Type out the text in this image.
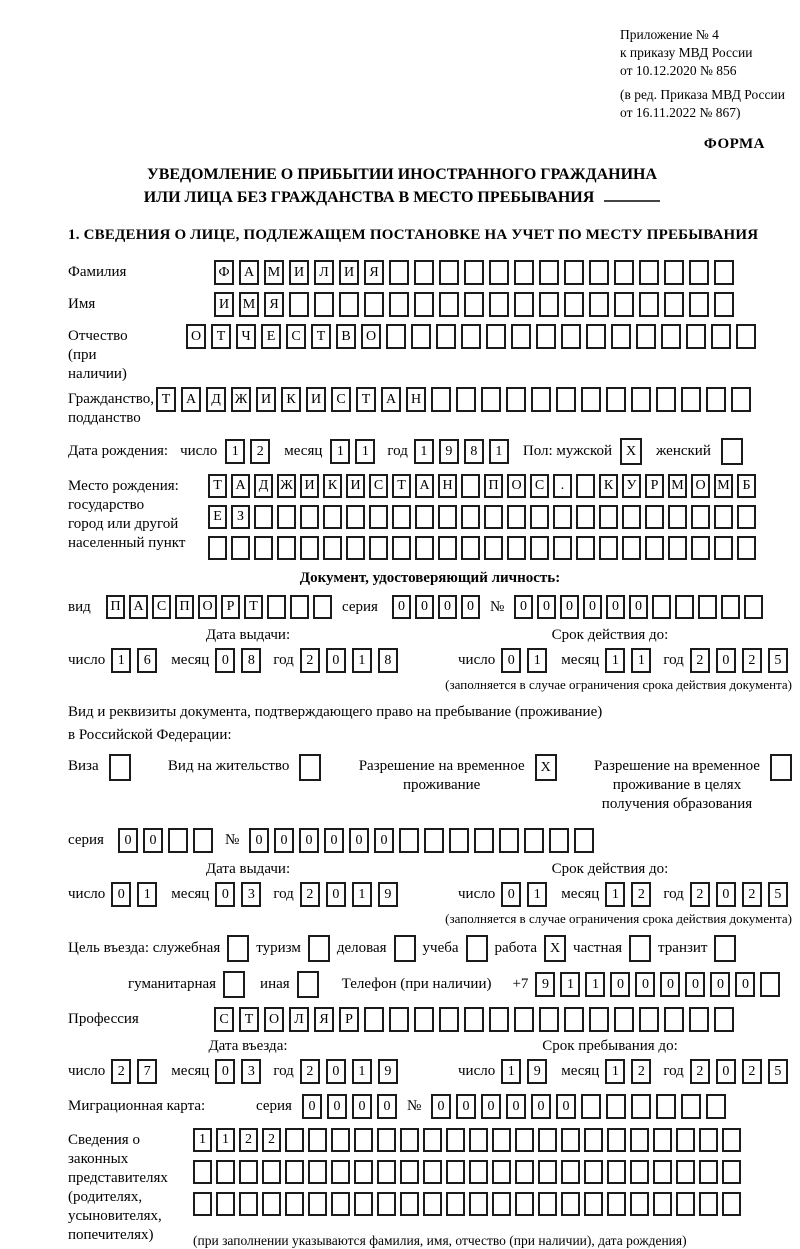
Приложение № 4
к приказу МВД России
от 10.12.2020 № 856
(в ред. Приказа МВД России
от 16.11.2022 № 867)
ФОРМА
УВЕДОМЛЕНИЕ О ПРИБЫТИИ ИНОСТРАННОГО ГРАЖДАНИНА
ИЛИ ЛИЦА БЕЗ ГРАЖДАНСТВА В МЕСТО ПРЕБЫВАНИЯ
1. СВЕДЕНИЯ О ЛИЦЕ, ПОДЛЕЖАЩЕМ ПОСТАНОВКЕ НА УЧЕТ ПО МЕСТУ ПРЕБЫВАНИЯ
Фамилия	Ф	А М И	Л	И	Я
Имя	И М	Я
Отчество
(при наличии)
О	Т	Ч	Е	С	Т	В	О
Гражданство,
подданство
Т	А	Д Ж И	К	И	С	Т	А	Н
Дата рождения: число	1	2	месяц	1	1	год 1	9	8	1	Пол: мужской X	женский
Место рождения:
государство
город или другой
населенный пункт
Т А Д Ж И К И С	Т А Н	П О С	.	К У	Р М О М Б
Е	З
Документ, удостоверяющий личность:
вид	П А С П О	Р	Т	серия	0	0	0	0	№	0	0	0	0	0	0
Дата выдачи:
число 1	6	месяц 0	8	год 2	0	1	8
Срок действия до:
число 0	1	месяц 1	1	год 2	0	2	5
(заполняется в случае ограничения срока действия документа)
Вид и реквизиты документа, подтверждающего право на пребывание (проживание)
в Российской Федерации:
Виза	Вид на жительство	Разрешение на временное
проживание
X	Разрешение на временное
проживание в целях
получения образования
серия	0	0	№	0	0	0	0	0	0
Дата выдачи:
число 0	1	месяц 0	3	год 2	0	1	9
Срок действия до:
число 0	1	месяц 1	2	год 2	0	2	5
(заполняется в случае ограничения срока действия документа)
Цель въезда: служебная туризм деловая учеба работа X частная транзит
гуманитарная	иная	Телефон (при наличии) +7 9	1	1	0	0	0	0	0	0
Профессия	С	Т	О	Л	Я	Р
Дата въезда:
число 2	7	месяц 0	3	год 2	0	1	9
Срок пребывания до:
число 1	9	месяц 1	2	год 2	0	2	5
Миграционная карта:	серия	0	0	0	0	№	0	0	0	0	0	0
Сведения о
законных
представителях
(родителях,
усыновителях,
попечителях)
1	1	2	2
(при заполнении указываются фамилия, имя, отчество (при наличии), дата рождения)
